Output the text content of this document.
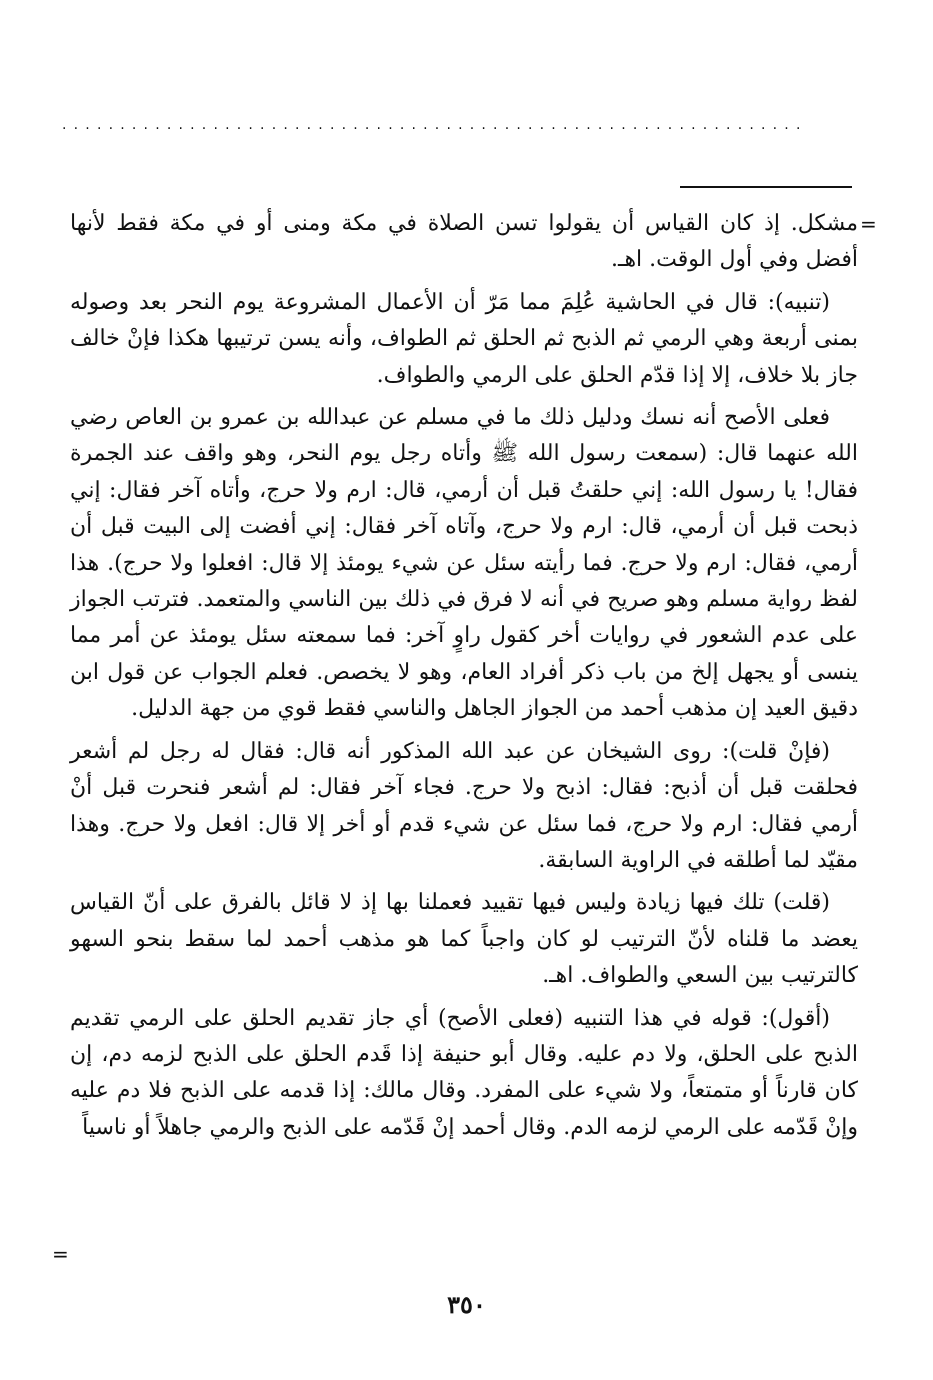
................................................................
=

مشكل. إذ كان القياس أن يقولوا تسن الصلاة في مكة ومنى أو في مكة فقط لأنها أفضل وفي أول الوقت. اهـ.

(تنبيه): قال في الحاشية عُلِمَ مما مَرّ أن الأعمال المشروعة يوم النحر بعد وصوله بمنى أربعة وهي الرمي ثم الذبح ثم الحلق ثم الطواف، وأنه يسن ترتيبها هكذا فإنْ خالف جاز بلا خلاف، إلا إذا قدّم الحلق على الرمي والطواف.

فعلى الأصح أنه نسك ودليل ذلك ما في مسلم عن عبدالله بن عمرو بن العاص رضي الله عنهما قال: (سمعت رسول الله ﷺ وأتاه رجل يوم النحر، وهو واقف عند الجمرة فقال! يا رسول الله: إني حلقتُ قبل أن أرمي، قال: ارم ولا حرج، وأتاه آخر فقال: إني ذبحت قبل أن أرمي، قال: ارم ولا حرج، وآتاه آخر فقال: إني أفضت إلى البيت قبل أن أرمي، فقال: ارم ولا حرج. فما رأيته سئل عن شيء يومئذ إلا قال: افعلوا ولا حرج). هذا لفظ رواية مسلم وهو صريح في أنه لا فرق في ذلك بين الناسي والمتعمد. فترتب الجواز على عدم الشعور في روايات أخر كقول راوٍ آخر: فما سمعته سئل يومئذ عن أمر مما ينسى أو يجهل إلخ من باب ذكر أفراد العام، وهو لا يخصص. فعلم الجواب عن قول ابن دقيق العيد إن مذهب أحمد من الجواز الجاهل والناسي فقط قوي من جهة الدليل.

(فإنْ قلت): روى الشيخان عن عبد الله المذكور أنه قال: فقال له رجل لم أشعر فحلقت قبل أن أذبح: فقال: اذبح ولا حرج. فجاء آخر فقال: لم أشعر فنحرت قبل أنْ أرمي فقال: ارم ولا حرج، فما سئل عن شيء قدم أو أخر إلا قال: افعل ولا حرج. وهذا مقيّد لما أطلقه في الراوية السابقة.

(قلت) تلك فيها زيادة وليس فيها تقييد فعملنا بها إذ لا قائل بالفرق على أنّ القياس يعضد ما قلناه لأنّ الترتيب لو كان واجباً كما هو مذهب أحمد لما سقط بنحو السهو كالترتيب بين السعي والطواف. اهـ.

(أقول): قوله في هذا التنبيه (فعلى الأصح) أي جاز تقديم الحلق على الرمي تقديم الذبح على الحلق، ولا دم عليه. وقال أبو حنيفة إذا قَدم الحلق على الذبح لزمه دم، إن كان قارناً أو متمتعاً، ولا شيء على المفرد. وقال مالك: إذا قدمه على الذبح فلا دم عليه وإنْ قَدّمه على الرمي لزمه الدم. وقال أحمد إنْ قَدّمه على الذبح والرمي جاهلاً أو ناسياً

=
٣٥٠
